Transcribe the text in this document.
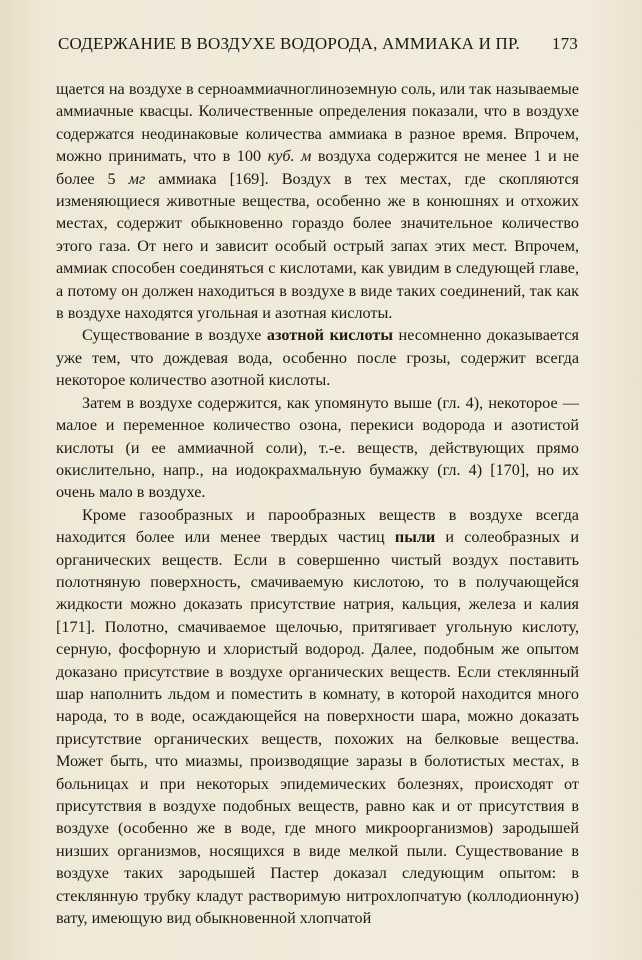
СОДЕРЖАНИЕ В ВОЗДУХЕ ВОДОРОДА, АММИАКА И ПР. 173

щается на воздухе в сернoаммиачноглиноземную соль, или так называемые аммиачные квасцы. Количественные определения показали, что в воздухе содержатся неодинаковые количества аммиака в разное время. Впрочем, можно принимать, что в 100 куб. м воздуха содержится не менее 1 и не более 5 мг аммиака [169]. Воздух в тех местах, где скопляются изменяющиеся животные вещества, особенно же в конюшнях и отхожих местах, содержит обыкновенно гораздо более значительное количество этого газа. От него и зависит особый острый запах этих мест. Впрочем, аммиак способен соединяться с кислотами, как увидим в следующей главе, а потому он должен находиться в воздухе в виде таких соединений, так как в воздухе находятся угольная и азотная кислоты.

Существование в воздухе азотной кислоты несомненно доказывается уже тем, что дождевая вода, особенно после грозы, содержит всегда некоторое количество азотной кислоты.

Затем в воздухе содержится, как упомянуто выше (гл. 4), некоторое — малое и переменное количество озона, перекиси водорода и азотистой кислоты (и ее аммиачной соли), т.-е. веществ, действующих прямо окислительно, напр., на иодокрахмальную бумажку (гл. 4) [170], но их очень мало в воздухе.

Кроме газообразных и парообразных веществ в воздухе всегда находится более или менее твердых частиц пыли и солеобразных и органических веществ. Если в совершенно чистый воздух поставить полотняную поверхность, смачиваемую кислотою, то в получающейся жидкости можно доказать присутствие натрия, кальция, железа и калия [171]. Полотно, смачиваемое щелочью, притягивает угольную кислоту, серную, фосфорную и хлористый водород. Далее, подобным же опытом доказано присутствие в воздухе органических веществ. Если стеклянный шар наполнить льдом и поместить в комнату, в которой находится много народа, то в воде, осаждающейся на поверхности шара, можно доказать присутствие органических веществ, похожих на белковые вещества. Может быть, что миазмы, производящие заразы в болотистых местах, в больницах и при некоторых эпидемических болезнях, происходят от присутствия в воздухе подобных веществ, равно как и от присутствия в воздухе (особенно же в воде, где много микроорганизмов) зародышей низших организмов, носящихся в виде мелкой пыли. Существование в воздухе таких зародышей Пастер доказал следующим опытом: в стеклянную трубку кладут растворимую нитрохлопчатую (коллодионную) вату, имеющую вид обыкновенной хлопчатой
